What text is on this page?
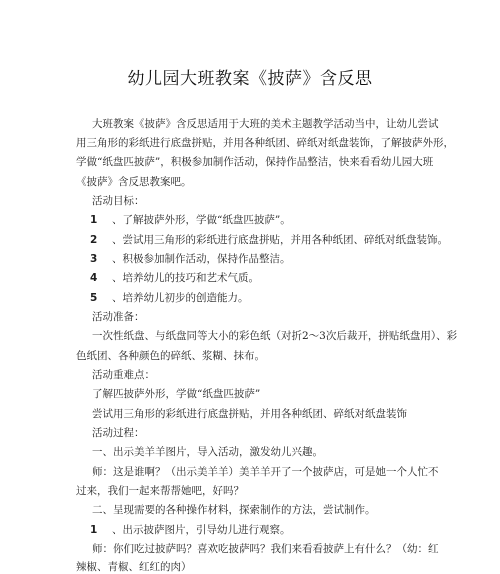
幼儿园大班教案《披萨》含反思
大班教案《披萨》含反思适用于大班的美术主题教学活动当中，让幼儿尝试
用三角形的彩纸进行底盘拼贴，并用各种纸团、碎纸对纸盘装饰，了解披萨外形，
学做“纸盘匹披萨”，积极参加制作活动，保持作品整洁，快来看看幼儿园大班
《披萨》含反思教案吧。
活动目标：
1 、了解披萨外形，学做“纸盘匹披萨”。
2 、尝试用三角形的彩纸进行底盘拼贴，并用各种纸团、碎纸对纸盘装饰。
3 、积极参加制作活动，保持作品整洁。
4 、培养幼儿的技巧和艺术气质。
5 、培养幼儿初步的创造能力。
活动准备：
一次性纸盘、与纸盘同等大小的彩色纸（对折2〜3次后裁开，拼贴纸盘用）、彩
色纸团、各种颜色的碎纸、浆糊、抹布。
活动重难点：
了解匹披萨外形，学做“纸盘匹披萨”
尝试用三角形的彩纸进行底盘拼贴，并用各种纸团、碎纸对纸盘装饰
活动过程：
一、出示美羊羊图片，导入活动，激发幼儿兴趣。
师：这是谁啊？（出示美羊羊）美羊羊开了一个披萨店，可是她一个人忙不
过来，我们一起来帮帮她吧，好吗？
二、呈现需要的各种操作材料，探索制作的方法，尝试制作。
1 、出示披萨图片，引导幼儿进行观察。
师：你们吃过披萨吗？喜欢吃披萨吗？我们来看看披萨上有什么？（幼：红
辣椒、青椒、红红的肉）
